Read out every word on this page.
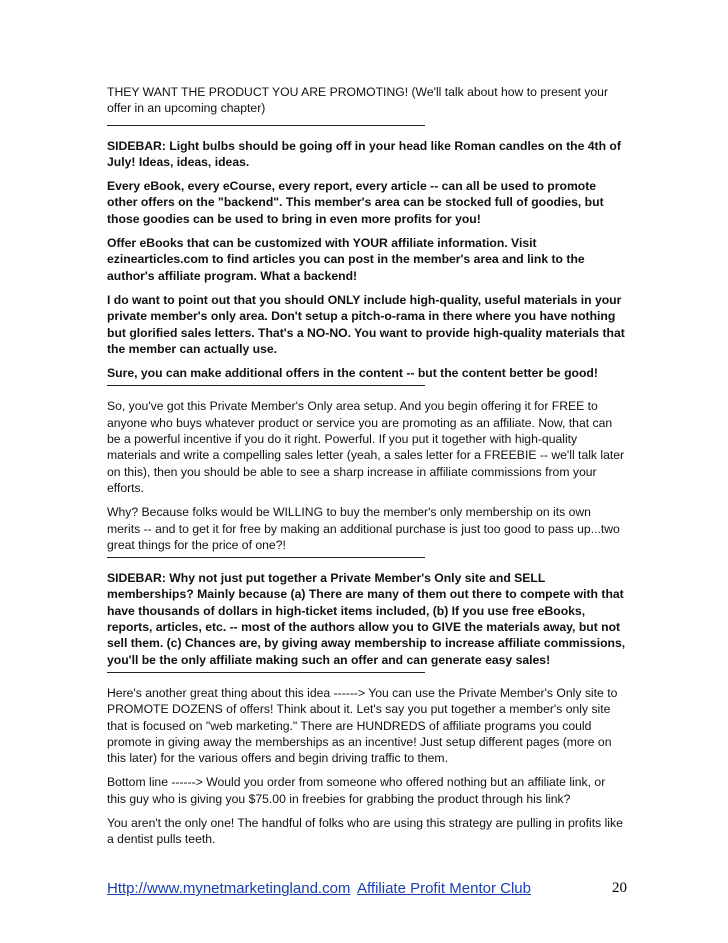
THEY WANT THE PRODUCT YOU ARE PROMOTING! (We'll talk about how to present your offer in an upcoming chapter)

SIDEBAR: Light bulbs should be going off in your head like Roman candles on the 4th of July! Ideas, ideas, ideas.

Every eBook, every eCourse, every report, every article -- can all be used to promote other offers on the "backend". This member's area can be stocked full of goodies, but those goodies can be used to bring in even more profits for you!

Offer eBooks that can be customized with YOUR affiliate information. Visit ezinearticles.com to find articles you can post in the member's area and link to the author's affiliate program. What a backend!

I do want to point out that you should ONLY include high-quality, useful materials in your private member's only area. Don't setup a pitch-o-rama in there where you have nothing but glorified sales letters. That's a NO-NO. You want to provide high-quality materials that the member can actually use.

Sure, you can make additional offers in the content -- but the content better be good!

So, you've got this Private Member's Only area setup. And you begin offering it for FREE to anyone who buys whatever product or service you are promoting as an affiliate. Now, that can be a powerful incentive if you do it right. Powerful. If you put it together with high-quality materials and write a compelling sales letter (yeah, a sales letter for a FREEBIE -- we'll talk later on this), then you should be able to see a sharp increase in affiliate commissions from your efforts.

Why? Because folks would be WILLING to buy the member's only membership on its own merits -- and to get it for free by making an additional purchase is just too good to pass up...two great things for the price of one?!

SIDEBAR: Why not just put together a Private Member's Only site and SELL memberships? Mainly because (a) There are many of them out there to compete with that have thousands of dollars in high-ticket items included, (b) If you use free eBooks, reports, articles, etc. -- most of the authors allow you to GIVE the materials away, but not sell them. (c) Chances are, by giving away membership to increase affiliate commissions, you'll be the only affiliate making such an offer and can generate easy sales!

Here's another great thing about this idea ------> You can use the Private Member's Only site to PROMOTE DOZENS of offers! Think about it. Let's say you put together a member's only site that is focused on "web marketing." There are HUNDREDS of affiliate programs you could promote in giving away the memberships as an incentive! Just setup different pages (more on this later) for the various offers and begin driving traffic to them.

Bottom line ------> Would you order from someone who offered nothing but an affiliate link, or this guy who is giving you $75.00 in freebies for grabbing the product through his link?

You aren't the only one! The handful of folks who are using this strategy are pulling in profits like a dentist pulls teeth.

Http://www.mynetmarketingland.com Affiliate Profit Mentor Club	20
